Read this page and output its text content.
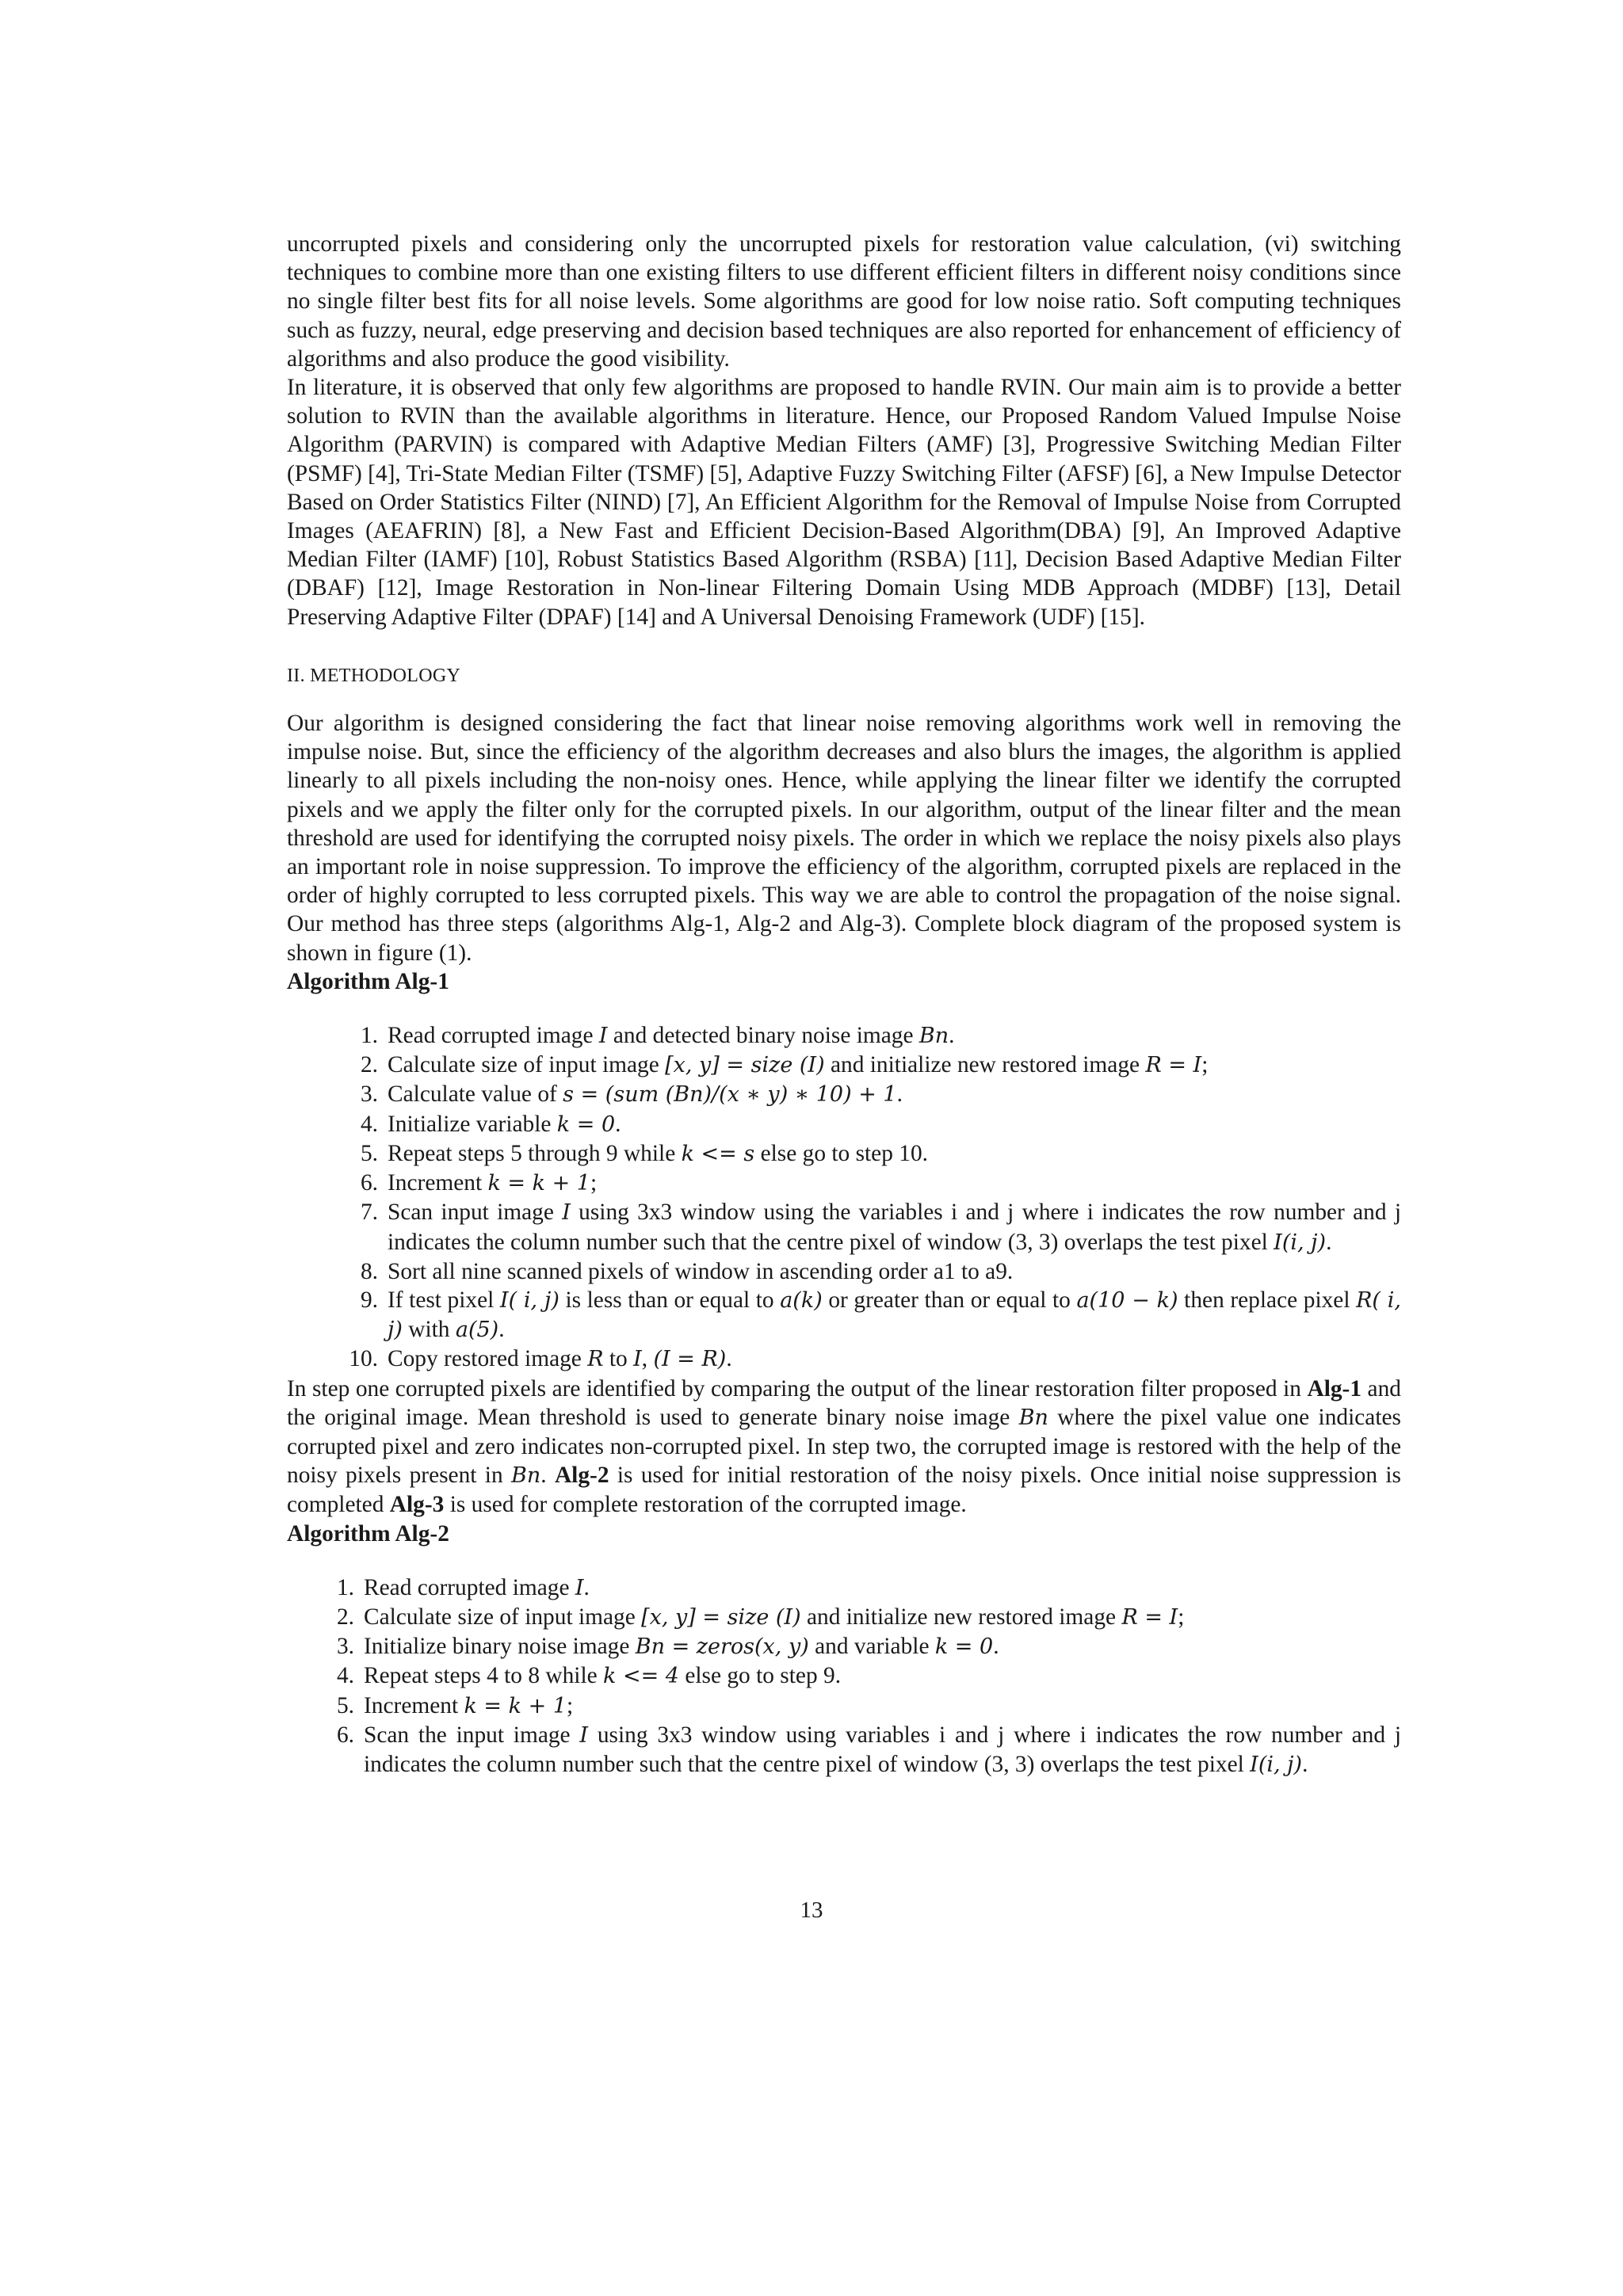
uncorrupted pixels and considering only the uncorrupted pixels for restoration value calculation, (vi) switching techniques to combine more than one existing filters to use different efficient filters in different noisy conditions since no single filter best fits for all noise levels. Some algorithms are good for low noise ratio. Soft computing techniques such as fuzzy, neural, edge preserving and decision based techniques are also reported for enhancement of efficiency of algorithms and also produce the good visibility.

In literature, it is observed that only few algorithms are proposed to handle RVIN. Our main aim is to provide a better solution to RVIN than the available algorithms in literature. Hence, our Proposed Random Valued Impulse Noise Algorithm (PARVIN) is compared with Adaptive Median Filters (AMF) [3], Progressive Switching Median Filter (PSMF) [4], Tri-State Median Filter (TSMF) [5], Adaptive Fuzzy Switching Filter (AFSF) [6], a New Impulse Detector Based on Order Statistics Filter (NIND) [7], An Efficient Algorithm for the Removal of Impulse Noise from Corrupted Images (AEAFRIN) [8], a New Fast and Efficient Decision-Based Algorithm(DBA) [9], An Improved Adaptive Median Filter (IAMF) [10], Robust Statistics Based Algorithm (RSBA) [11], Decision Based Adaptive Median Filter (DBAF) [12], Image Restoration in Non-linear Filtering Domain Using MDB Approach (MDBF) [13], Detail Preserving Adaptive Filter (DPAF) [14] and A Universal Denoising Framework (UDF) [15].

II. METHODOLOGY

Our algorithm is designed considering the fact that linear noise removing algorithms work well in removing the impulse noise. But, since the efficiency of the algorithm decreases and also blurs the images, the algorithm is applied linearly to all pixels including the non-noisy ones. Hence, while applying the linear filter we identify the corrupted pixels and we apply the filter only for the corrupted pixels. In our algorithm, output of the linear filter and the mean threshold are used for identifying the corrupted noisy pixels. The order in which we replace the noisy pixels also plays an important role in noise suppression. To improve the efficiency of the algorithm, corrupted pixels are replaced in the order of highly corrupted to less corrupted pixels. This way we are able to control the propagation of the noise signal. Our method has three steps (algorithms Alg-1, Alg-2 and Alg-3). Complete block diagram of the proposed system is shown in figure (1).

Algorithm Alg-1

1. Read corrupted image I and detected binary noise image Bn.
2. Calculate size of input image [x, y] = size (I) and initialize new restored image R = I;
3. Calculate value of s = (sum (Bn)/(x ∗ y) ∗ 10) + 1.
4. Initialize variable k = 0.
5. Repeat steps 5 through 9 while k <= s else go to step 10.
6. Increment k = k + 1;
7. Scan input image I using 3x3 window using the variables i and j where i indicates the row number and j indicates the column number such that the centre pixel of window (3, 3) overlaps the test pixel I(i, j).
8. Sort all nine scanned pixels of window in ascending order a1 to a9.
9. If test pixel I( i, j) is less than or equal to a(k) or greater than or equal to a(10 − k) then replace pixel R( i, j) with a(5).
10. Copy restored image R to I, (I = R).

In step one corrupted pixels are identified by comparing the output of the linear restoration filter proposed in Alg-1 and the original image. Mean threshold is used to generate binary noise image Bn where the pixel value one indicates corrupted pixel and zero indicates non-corrupted pixel. In step two, the corrupted image is restored with the help of the noisy pixels present in Bn. Alg-2 is used for initial restoration of the noisy pixels. Once initial noise suppression is completed Alg-3 is used for complete restoration of the corrupted image.

Algorithm Alg-2

1. Read corrupted image I.
2. Calculate size of input image [x, y] = size (I) and initialize new restored image R = I;
3. Initialize binary noise image Bn = zeros(x, y) and variable k = 0.
4. Repeat steps 4 to 8 while k <= 4 else go to step 9.
5. Increment k = k + 1;
6. Scan the input image I using 3x3 window using variables i and j where i indicates the row number and j indicates the column number such that the centre pixel of window (3, 3) overlaps the test pixel I(i, j).
13
